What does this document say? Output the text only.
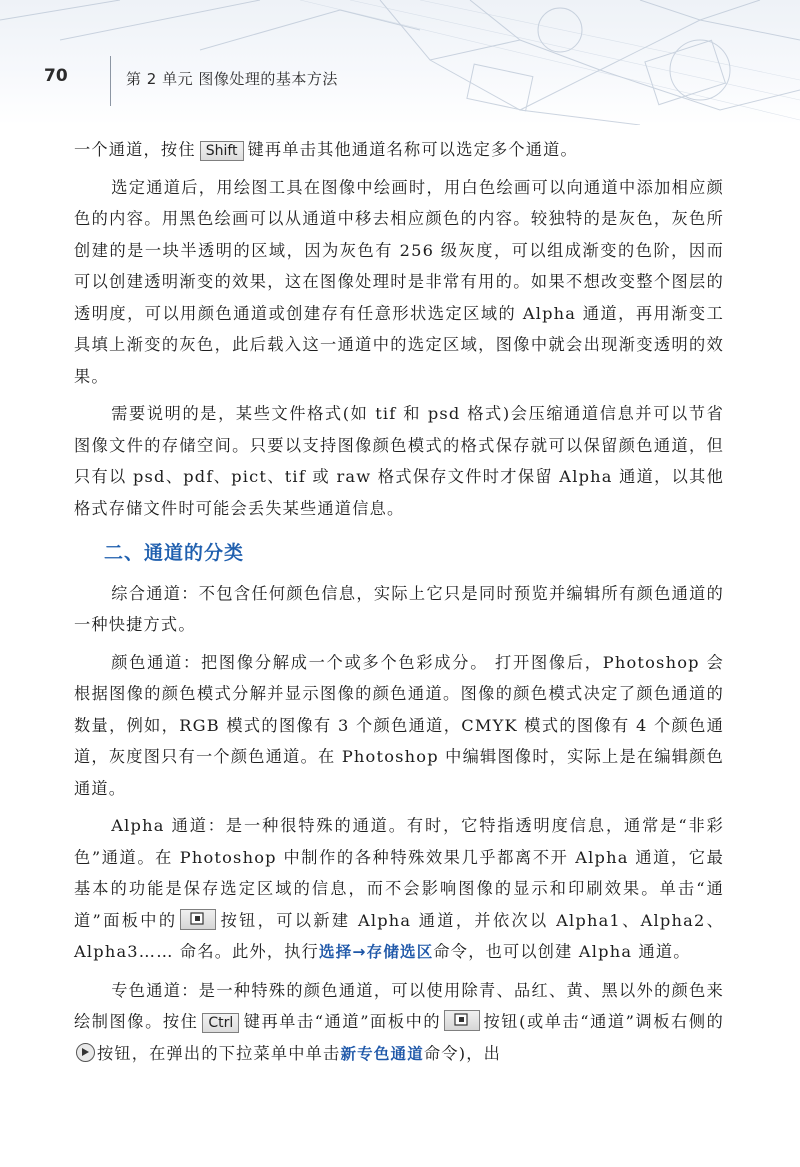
70	第 2 单元 图像处理的基本方法

一个通道，按住 Shift 键再单击其他通道名称可以选定多个通道。

选定通道后，用绘图工具在图像中绘画时，用白色绘画可以向通道中添加相应颜色的内容。用黑色绘画可以从通道中移去相应颜色的内容。较独特的是灰色，灰色所创建的是一块半透明的区域，因为灰色有 256 级灰度，可以组成渐变的色阶，因而可以创建透明渐变的效果，这在图像处理时是非常有用的。如果不想改变整个图层的透明度，可以用颜色通道或创建存有任意形状选定区域的 Alpha 通道，再用渐变工具填上渐变的灰色，此后载入这一通道中的选定区域，图像中就会出现渐变透明的效果。

需要说明的是，某些文件格式(如 tif 和 psd 格式)会压缩通道信息并可以节省图像文件的存储空间。只要以支持图像颜色模式的格式保存就可以保留颜色通道，但只有以 psd、pdf、pict、tif 或 raw 格式保存文件时才保留 Alpha 通道，以其他格式存储文件时可能会丢失某些通道信息。

二、通道的分类

综合通道：不包含任何颜色信息，实际上它只是同时预览并编辑所有颜色通道的一种快捷方式。

颜色通道：把图像分解成一个或多个色彩成分。 打开图像后，Photoshop 会根据图像的颜色模式分解并显示图像的颜色通道。图像的颜色模式决定了颜色通道的数量，例如，RGB 模式的图像有 3 个颜色通道，CMYK 模式的图像有 4 个颜色通道，灰度图只有一个颜色通道。在 Photoshop 中编辑图像时，实际上是在编辑颜色通道。

Alpha 通道：是一种很特殊的通道。有时，它特指透明度信息，通常是“非彩色”通道。在 Photoshop 中制作的各种特殊效果几乎都离不开 Alpha 通道，它最基本的功能是保存选定区域的信息，而不会影响图像的显示和印刷效果。单击“通道”面板中的	按钮，可以新建 Alpha 通道，并依次以 Alpha1、Alpha2、Alpha3…… 命名。此外，执行选择→存储选区命令，也可以创建 Alpha 通道。

专色通道：是一种特殊的颜色通道，可以使用除青、品红、黄、黑以外的颜色来绘制图像。按住 Ctrl 键再单击“通道”面板中的	按钮(或单击“通道”调板右侧的
按钮，在弹出的下拉菜单中单击新专色通道命令)，出
